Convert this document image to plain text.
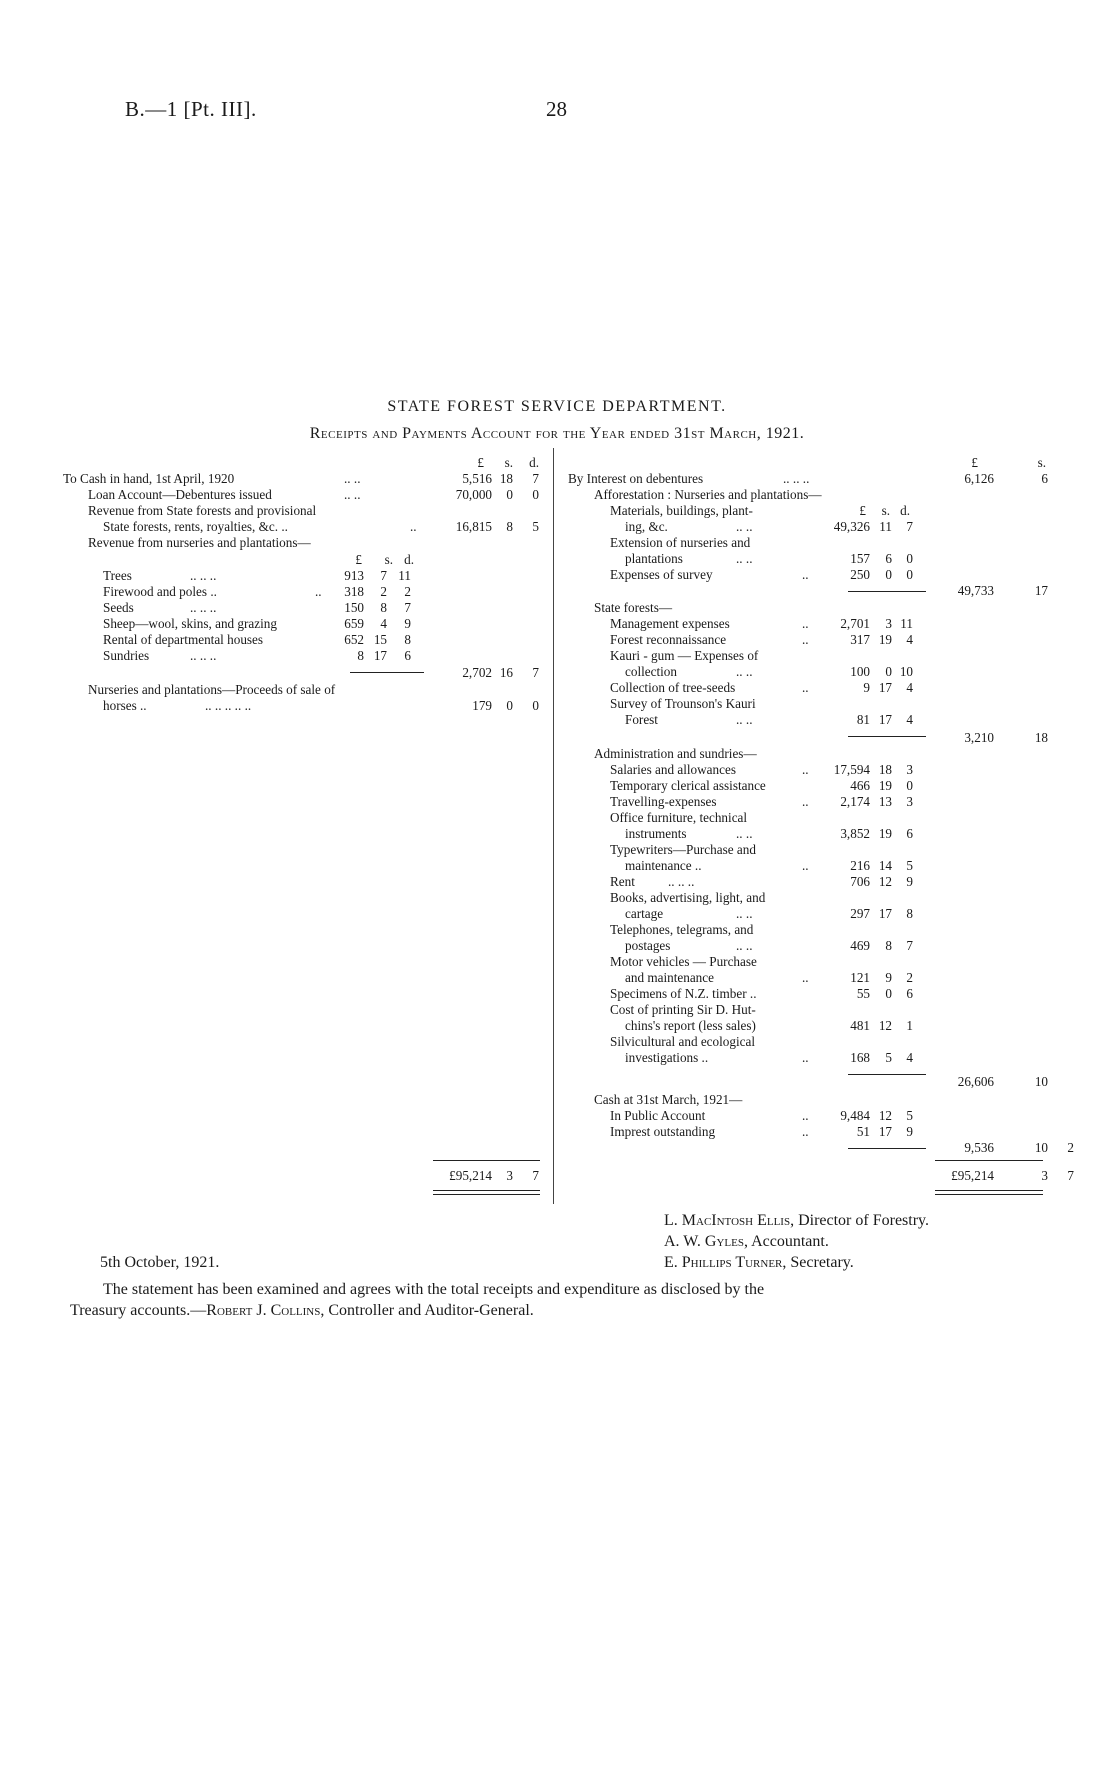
B.—1 [Pt. III].	28
STATE FOREST SERVICE DEPARTMENT.
Receipts and Payments Account for the Year ended 31st March, 1921.
£	s.	d.
To Cash in hand, 1st April, 1920	.. ..	5,516 18	7
Loan Account—Debentures issued	.. ..	70,000	0	0
Revenue from State forests and provisional
State forests, rents, royalties, &c. ..	..	16,815	8	5
Revenue from nurseries and plantations—
£	s. d.
Trees	.. .. ..	913	7 11
Firewood and poles ..	..	318	2	2
Seeds	.. .. ..	150	8	7
Sheep—wool, skins, and grazing	659	4	9
Rental of departmental houses	652 15	8
Sundries	.. .. ..	8 17	6
2,702 16	7
Nurseries and plantations—Proceeds of sale of
horses ..	.. .. .. .. ..	179	0	0
£95,214	3	7
£	s.
By Interest on debentures	.. .. ..	6,126	6
Afforestation : Nurseries and plantations—
Materials, buildings, plant-	£	s. d.
ing, &c.	.. ..	49,326 11	7
Extension of nurseries and
plantations	.. ..	157	6	0
Expenses of survey	..	250	0	0
49,733	17
State forests—
Management expenses	..	2,701	3 11
Forest reconnaissance	..	317 19	4
Kauri - gum — Expenses of
collection	.. ..	100	0 10
Collection of tree-seeds	..	9 17	4
Survey of Trounson's Kauri
Forest	.. ..	81 17	4
3,210	18
Administration and sundries—
Salaries and allowances	..	17,594 18	3
Temporary clerical assistance	466 19	0
Travelling-expenses	..	2,174 13	3
Office furniture, technical
instruments	.. ..	3,852 19	6
Typewriters—Purchase and
maintenance ..	..	216 14	5
Rent	.. .. ..	706 12	9
Books, advertising, light, and
cartage	.. ..	297 17	8
Telephones, telegrams, and
postages	.. ..	469	8	7
Motor vehicles — Purchase
and maintenance	..	121	9	2
Specimens of N.Z. timber ..	55	0	6
Cost of printing Sir D. Hut-
chins's report (less sales)	481 12	1
Silvicultural and ecological
investigations ..	..	168	5	4
26,606	10
Cash at 31st March, 1921—
In Public Account	..	9,484 12	5
Imprest outstanding	..	51 17	9
9,536	10	2
£95,214	3	7
L. MacIntosh Ellis, Director of Forestry.
A. W. Gyles, Accountant.
E. Phillips Turner, Secretary.
5th October, 1921.
The statement has been examined and agrees with the total receipts and expenditure as disclosed by the
Treasury accounts.—Robert J. Collins, Controller and Auditor-General.
